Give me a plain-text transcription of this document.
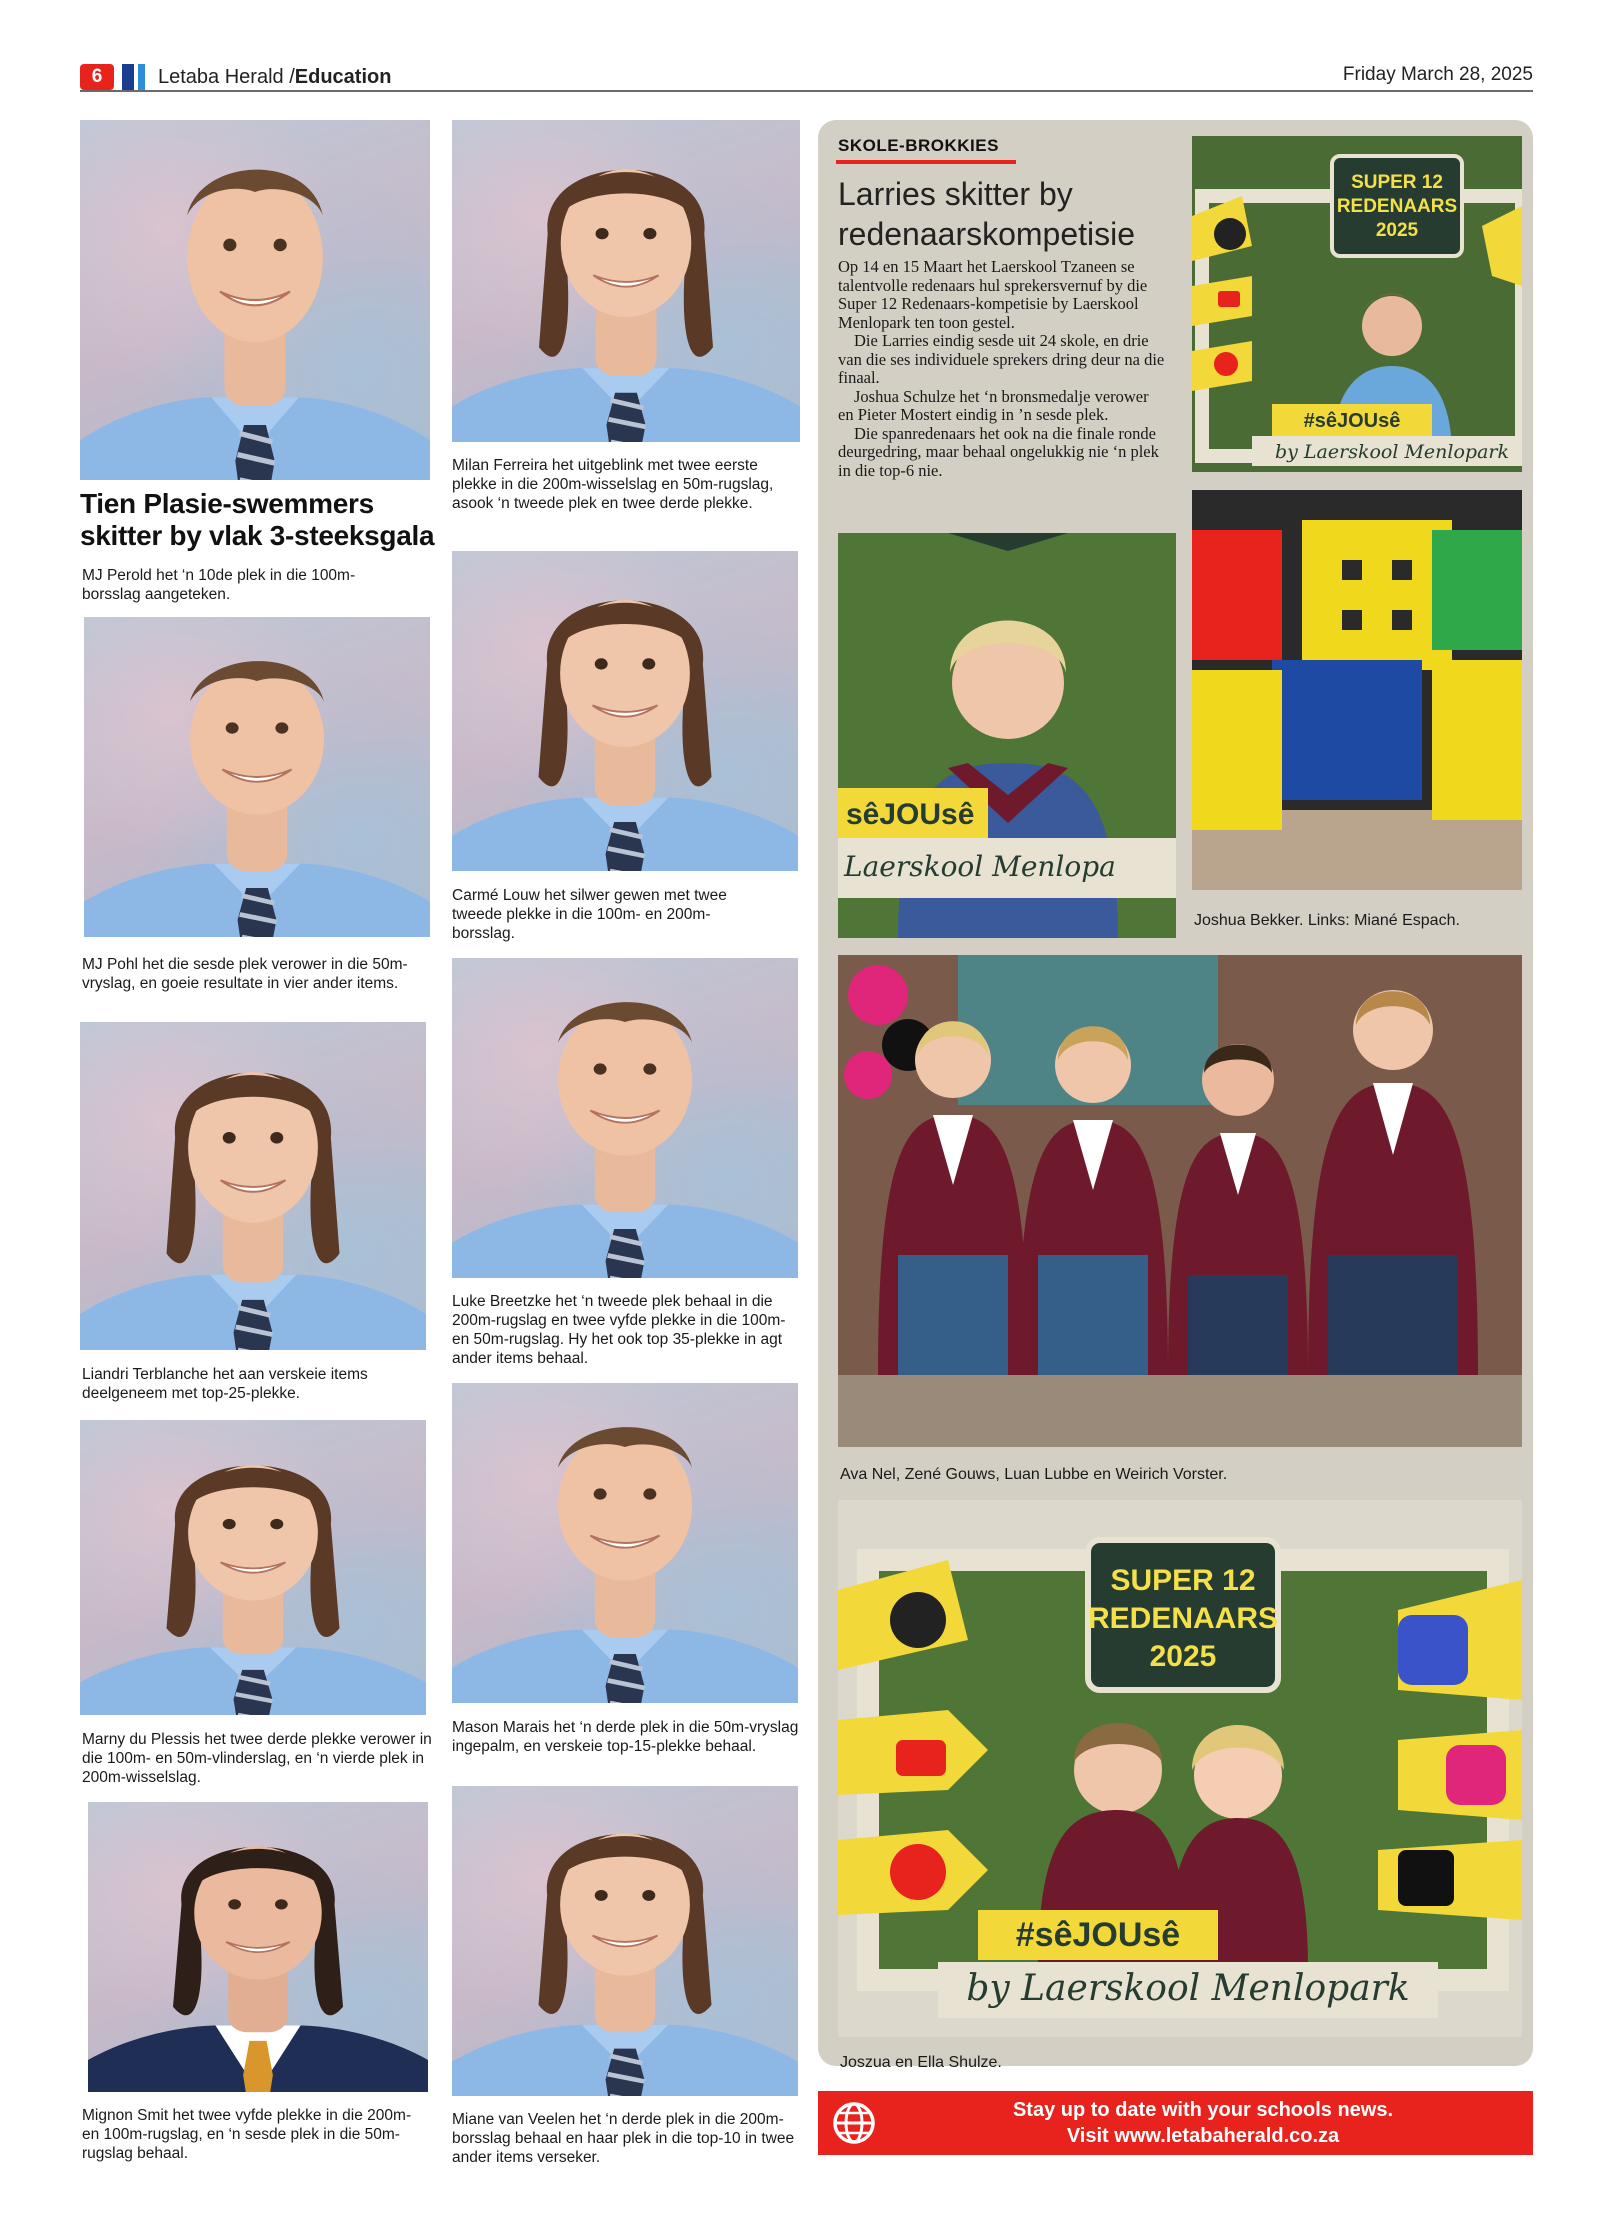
6	Letaba Herald /Education	Friday March 28, 2025
Tien Plasie-swemmers skitter by vlak 3-steeksgala
MJ Perold het ‘n 10de plek in die 100m-borsslag aangeteken.
MJ Pohl het die sesde plek verower in die 50m-vryslag, en goeie resultate in vier ander items.
Liandri Terblanche het aan verskeie items deelgeneem met top-25-plekke.
Marny du Plessis het twee derde plekke verower in die 100m- en 50m-vlinderslag, en ‘n vierde plek in 200m-wisselslag.
Mignon Smit het twee vyfde plekke in die 200m- en 100m-rugslag, en ‘n sesde plek in die 50m-rugslag behaal.
Milan Ferreira het uitgeblink met twee eerste plekke in die 200m-wisselslag en 50m-rugslag, asook ‘n tweede plek en twee derde plekke.
Carmé Louw het silwer gewen met twee tweede plekke in die 100m- en 200m-borsslag.
Luke Breetzke het ‘n tweede plek behaal in die 200m-rugslag en twee vyfde plekke in die 100m- en 50m-rugslag. Hy het ook top 35-plekke in agt ander items behaal.
Mason Marais het ‘n derde plek in die 50m-vryslag ingepalm, en verskeie top-15-plekke behaal.
Miane van Veelen het ‘n derde plek in die 200m-borsslag behaal en haar plek in die top-10 in twee ander items verseker.
SKOLE-BROKKIES
Larries skitter by redenaarskompetisie

Op 14 en 15 Maart het Laerskool Tzaneen se talentvolle redenaars hul sprekersvernuf by die Super 12 Redenaars-kompetisie by Laerskool Menlopark ten toon gestel.

Die Larries eindig sesde uit 24 skole, en drie van die ses individuele sprekers dring deur na die finaal.

Joshua Schulze het ‘n bronsmedalje verower en Pieter Mostert eindig in ’n sesde plek.

Die spanredenaars het ook na die finale ronde deurgedring, maar behaal ongelukkig nie ‘n plek in die top-6 nie.

SUPER 12
REDENAARS
2025
#sêJOUsê
by Laerskool Menlopark
sêJOUsê
Laerskool Menlopa
Joshua Bekker. Links: Miané Espach.
Ava Nel, Zené Gouws, Luan Lubbe en Weirich Vorster.
SUPER 12
REDENAARS
2025
#sêJOUsê
by Laerskool Menlopark
Joszua en Ella Shulze.
Stay up to date with your schools news.
Visit www.letabaherald.co.za
